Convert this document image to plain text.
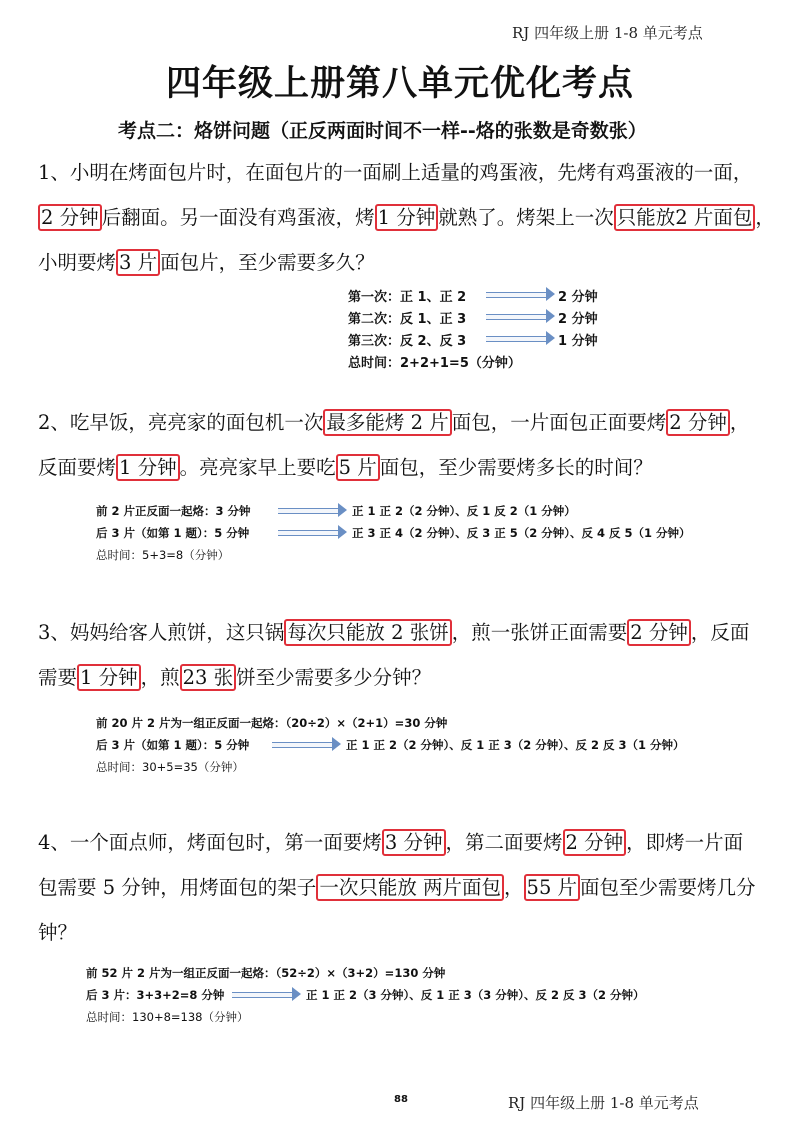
RJ 四年级上册 1-8 单元考点
四年级上册第八单元优化考点
考点二：烙饼问题（正反两面时间不一样--烙的张数是奇数张）
1、小明在烤面包片时，在面包片的一面刷上适量的鸡蛋液，先烤有鸡蛋液的一面，
2 分钟 后翻面。另一面没有鸡蛋液，烤 1 分钟 就熟了。烤架上一次 只能放2 片面包 ，
小明要烤 3 片 面包片，至少需要多久？
第一次：正 1、正 2	2 分钟
第二次：反 1、正 3	2 分钟
第三次：反 2、反 3	1 分钟
总时间：2+2+1=5（分钟）
2、吃早饭，亮亮家的面包机一次 最多能烤 2 片 面包，一片面包正面要烤 2 分钟 ，
反面要烤 1 分钟 。亮亮家早上要吃 5 片 面包，至少需要烤多长的时间？
前 2 片正反面一起烙：3 分钟	正 1 正 2（2 分钟）、反 1 反 2（1 分钟）
后 3 片（如第 1 题）：5 分钟	正 3 正 4（2 分钟）、反 3 正 5（2 分钟）、反 4 反 5（1 分钟）
总时间：5+3=8（分钟）
3、妈妈给客人煎饼，这只锅 每次只能放 2 张饼 ，煎一张饼正面需要 2 分钟 ，反面
需要 1 分钟 ，煎 23 张 饼至少需要多少分钟？
前 20 片 2 片为一组正反面一起烙：（20÷2）×（2+1）=30 分钟
后 3 片（如第 1 题）：5 分钟	正 1 正 2（2 分钟）、反 1 正 3（2 分钟）、反 2 反 3（1 分钟）
总时间：30+5=35（分钟）
4、一个面点师，烤面包时，第一面要烤 3 分钟 ，第二面要烤 2 分钟 ，即烤一片面
包需要 5 分钟，用烤面包的架子 一次只能放 两片面包 ， 55 片 面包至少需要烤几分
钟？
前 52 片 2 片为一组正反面一起烙：（52÷2）×（3+2）=130 分钟
后 3 片：3+3+2=8 分钟	正 1 正 2（3 分钟）、反 1 正 3（3 分钟）、反 2 反 3（2 分钟）
总时间：130+8=138（分钟）
88	RJ 四年级上册 1-8 单元考点
